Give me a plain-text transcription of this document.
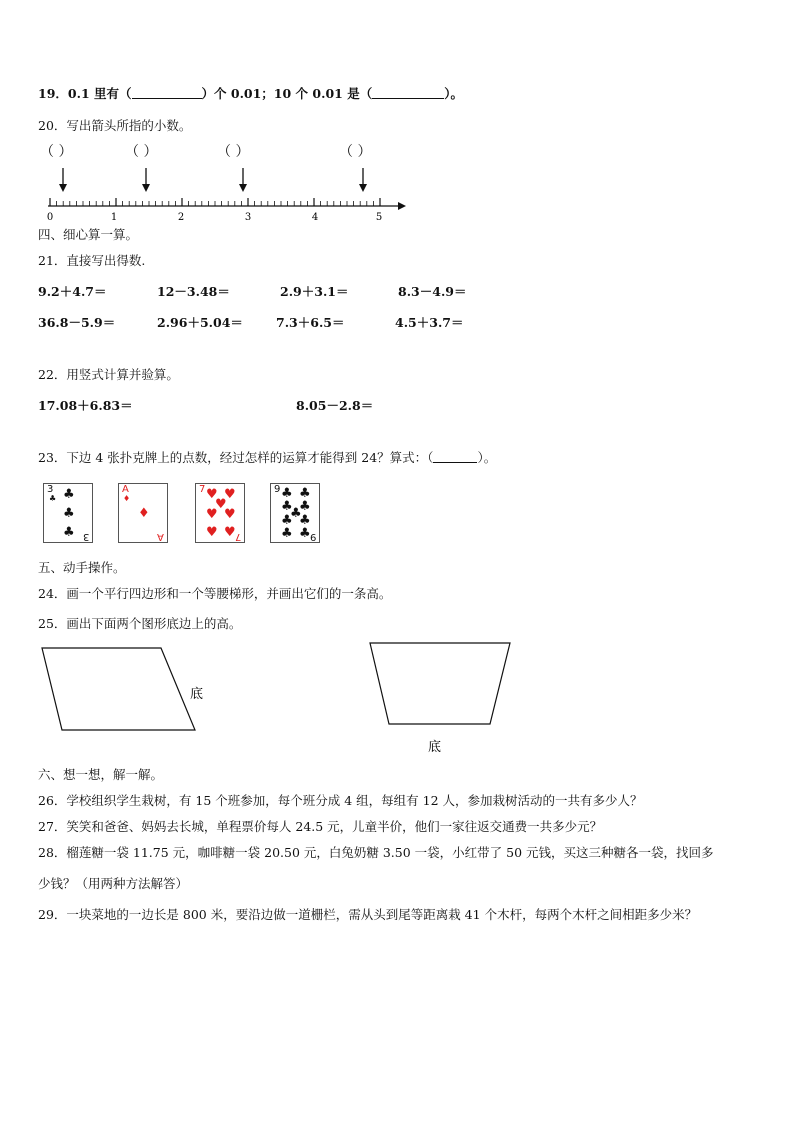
19．0.1 里有（	）个 0.01；10 个 0.01 是（	）。
20．写出箭头所指的小数。
（ ）	（ ）	（ ）	（ ）
0	1	2	3	4	5
四、细心算一算。
21．直接写出得数.
9.2＋4.7＝	12－3.48＝	2.9＋3.1＝	8.3－4.9＝
36.8－5.9＝	2.96＋5.04＝	7.3＋6.5＝	4.5＋3.7＝
22．用竖式计算并验算。
17.08＋6.83＝	8.05－2.8＝
23．下边 4 张扑克牌上的点数，经过怎样的运算才能得到 24？算式：（	）。
3
♣ ♣
♣
♣ 3
A
♦
♦
A
7 ♥ ♥
♥
♥ ♥
♥ ♥
7
9 ♣ ♣
♣ ♣
♣
♣ ♣
♣ ♣
9
五、动手操作。
24．画一个平行四边形和一个等腰梯形，并画出它们的一条高。
25．画出下面两个图形底边上的高。
底
底
六、想一想，解一解。
26．学校组织学生栽树，有 15 个班参加，每个班分成 4 组，每组有 12 人，参加栽树活动的一共有多少人？
27．笑笑和爸爸、妈妈去长城，单程票价每人 24.5 元，儿童半价，他们一家往返交通费一共多少元？
28．榴莲糖一袋 11.75 元，咖啡糖一袋 20.50 元，白兔奶糖 3.50 一袋，小红带了 50 元钱，买这三种糖各一袋，找回多
少钱？（用两种方法解答）
29．一块菜地的一边长是 800 米，要沿边做一道栅栏，需从头到尾等距离栽 41 个木杆，每两个木杆之间相距多少米？
